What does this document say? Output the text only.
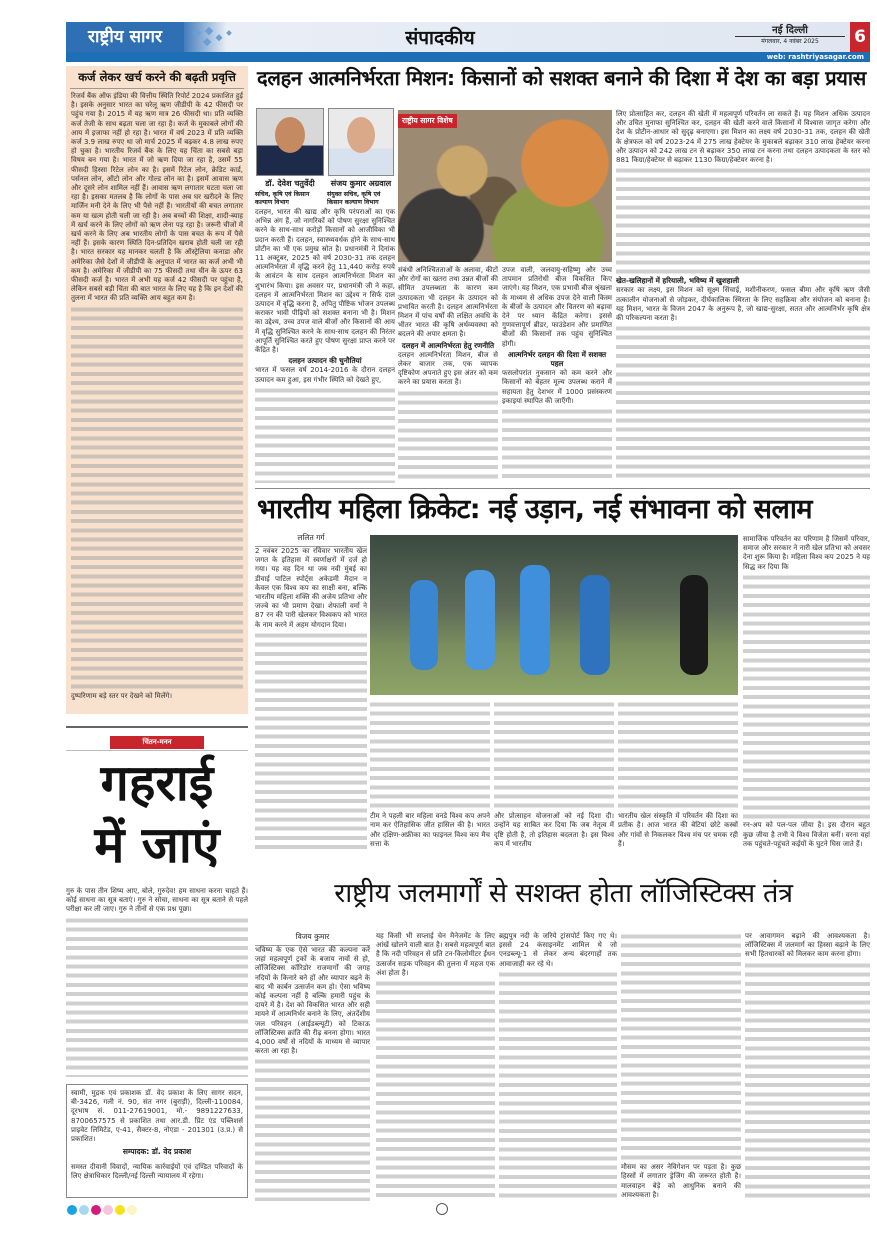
राष्ट्रीय सागर	संपादकीय	नई दिल्ली
मंगलवार, 4 नवंबर 2025	6
web: rashtriyasagar.com
कर्ज लेकर खर्च करने की बढ़ती प्रवृत्ति

रिजर्व बैंक ऑफ इंडिया की वित्तीय स्थिति रिपोर्ट 2024 प्रकाशित हुई है। इसके अनुसार भारत का घरेलू ऋण जीडीपी के 42 फीसदी पर पहुंच गया है। 2015 में यह ऋण मात्र 26 फीसदी था। प्रति व्यक्ति कर्ज तेजी के साथ बढ़ता चला जा रहा है। कर्ज के मुकाबले लोगों की आय में इजाफा नहीं हो रहा है। भारत में वर्ष 2023 में प्रति व्यक्ति कर्ज 3.9 लाख रुपए था जो मार्च 2025 में बढ़कर 4.8 लाख रुपए हो चुका है। भारतीय रिजर्व बैंक के लिए यह चिंता का सबसे बड़ा विषय बन गया है। भारत में जो ऋण दिया जा रहा है, उसमें 55 फीसदी हिस्सा रिटेल लोन का है। इसमें रिटेल लोन, क्रेडिट कार्ड, पर्सनल लोन, ऑटो लोन और गोल्ड लोन का है। इसमें आवास ऋण और दूसरे लोन शामिल नहीं हैं। आवास ऋण लगातार घटता चला जा रहा है। इसका मतलब है कि लोगों के पास अब घर खरीदने के लिए मार्जिन मनी देने के लिए भी पैसे नहीं हैं। भारतीयों की बचत लगातार कम या खत्म होती चली जा रही है। अब बच्चों की शिक्षा, शादी-ब्याह में खर्च करने के लिए लोगों को ऋण लेना पड़ रहा है। जरूरी चीजों में खर्च करने के लिए अब भारतीय लोगों के पास बचत के रूप में पैसे नहीं हैं। इसके कारण स्थिति दिन-प्रतिदिन खराब होती चली जा रही है। भारत सरकार यह मानकर चलती है कि ऑस्ट्रेलिया कनाडा और अमेरिका जैसे देशों में जीडीपी के अनुपात में भारत का कर्ज अभी भी कम है। अमेरिका में जीडीपी का 75 फीसदी तथा चीन के ऊपर 63 फीसदी कर्ज है। भारत में अभी यह कर्ज 42 फीसदी पर पहुंचा है, लेकिन सबसे बड़ी चिंता की बात भारत के लिए यह है कि इन देशों की तुलना में भारत की प्रति व्यक्ति आय बहुत कम है।

दुष्परिणाम बड़े स्तर पर देखने को मिलेंगे।

चिंतन-मनन
गहराई
में जाएं

गुरु के पास तीन शिष्य आए, बोले, गुरुदेव! हम साधना करना चाहते हैं। कोई साधना का सूत्र बताएं। गुरु ने सोचा, साधना का सूत्र बताने से पहले परीक्षा कर ली जाए। गुरु ने तीनों से एक प्रश्न पूछा।

स्वामी, मुद्रक एवं प्रकाशक डॉ. वेद प्रकाश के लिए सागर सदन, बी-3426, गली नं. 90, संत नगर (बुराड़ी), दिल्ली-110084, दूरभाष सं. 011-27619001, मो.- 9891227633, 8700657575 से प्रकाशित तथा आर.डी. प्रिंट एंड पब्लिशर्स प्राइवेट लिमिटेड, ए-41, सैक्टर-8, नोएडा - 201301 (उ.प्र.) से प्रकाशित।
सम्पादक: डॉ. वेद प्रकाश
समस्त दीवानी विवादों, न्यायिक कार्रवाईयों एवं दण्डित परिवादों के लिए क्षेत्राधिकार दिल्ली/नई दिल्ली न्यायालय में रहेगा।
दलहन आत्मनिर्भरता मिशन: किसानों को सशक्त बनाने की दिशा में देश का बड़ा प्रयास
डॉ. देवेश चतुर्वेदी	संजय कुमार अग्रवाल
सचिव, कृषि एवं किसान कल्याण विभाग
संयुक्त सचिव, कृषि एवं किसान कल्याण विभाग

दलहन, भारत की खाद्य और कृषि परंपराओं का एक अभिन्न अंग हैं, जो नागरिकों को पोषण सुरक्षा सुनिश्चित करने के साथ-साथ करोड़ों किसानों को आजीविका भी प्रदान करती हैं। दलहन, स्वास्थ्यवर्धक होने के साथ-साथ प्रोटीन का भी एक प्रमुख स्रोत है। प्रधानमंत्री ने दिनांक 11 अक्टूबर, 2025 को वर्ष 2030-31 तक दलहन आत्मनिर्भरता में वृद्धि करने हेतु 11,440 करोड़ रुपये के आवंटन के साथ दलहन आत्मनिर्भरता मिशन का शुभारंभ किया। इस अवसर पर, प्रधानमंत्री जी ने कहा, दलहन में आत्मनिर्भरता मिशन का उद्देश्य न सिर्फ दाल उत्पादन में वृद्धि करना है, अपितु पौष्टिक भोजन उपलब्ध कराकर भावी पीढ़ियों को सशक्त बनाना भी है। मिशन का उद्देश्य, उच्च उपज वाले बीजों और किसानों की आय में वृद्धि सुनिश्चित करने के साथ-साथ दलहन की निरंतर आपूर्ति सुनिश्चित करते हुए पोषण सुरक्षा प्राप्त करने पर केंद्रित है।

दलहन उत्पादन की चुनौतियां

भारत में फसल वर्ष 2014-2016 के दौरान दलहन उत्पादन कम हुआ, इस गंभीर स्थिति को देखते हुए,

राष्ट्रीय सागर विशेष

संबंधी अनिश्चितताओं के अलावा, कीटों और रोगों का खतरा तथा उन्नत बीजों की सीमित उपलब्धता के कारण कम उत्पादकता भी दलहन के उत्पादन को प्रभावित करती है। दलहन आत्मनिर्भरता मिशन में पांच वर्षों की लक्षित अवधि के भीतर भारत की कृषि अर्थव्यवस्था को बदलने की अपार क्षमता है।

दलहन में आत्मनिर्भरता हेतु रणनीति

दलहन आत्मनिर्भरता मिशन, बीज से लेकर बाजार तक, एक व्यापक दृष्टिकोण अपनाते हुए इस अंतर को कम करने का प्रयास करता है।

उपज वाली, जलवायु-सहिष्णु और उच्च तापमान प्रतिरोधी बीज विकसित किए जाएंगे। यह मिशन, एक प्रभावी बीज श्रृंखला के माध्यम से अधिक उपज देने वाली किस्म के बीजों के उत्पादन और वितरण को बढ़ावा देने पर ध्यान केंद्रित करेगा। इससे गुणवत्तापूर्ण ब्रीडर, फाउंडेशन और प्रमाणित बीजों की किसानों तक पहुंच सुनिश्चित होगी।

आत्मनिर्भर दलहन की दिशा में सशक्त पहल

फसलोपरांत नुकसान को कम करने और किसानों को बेहतर मूल्य उपलब्ध कराने में सहायता हेतु देशभर में 1000 प्रसंस्करण इकाइयां स्थापित की जाएँगी।

लिए प्रोत्साहित कर, दलहन की खेती में महत्वपूर्ण परिवर्तन ला सकते हैं। यह मिशन अधिक उत्पादन और उचित मुनाफा सुनिश्चित कर, दलहन की खेती करने वाले किसानों में विश्वास जागृत करेगा और देश के प्रोटीन-आधार को सुदृढ़ बनाएगा। इस मिशन का लक्ष्य वर्ष 2030-31 तक, दलहन की खेती के क्षेत्रफल को वर्ष 2023-24 में 275 लाख हेक्टेयर के मुकाबले बढ़ाकर 310 लाख हेक्टेयर करना और उत्पादन को 242 लाख टन से बढ़ाकर 350 लाख टन करना तथा दलहन उत्पादकता के स्तर को 881 किग्रा/हेक्टेयर से बढ़ाकर 1130 किग्रा/हेक्टेयर करना है।

खेत-खलिहानों में हरियाली, भविष्य में खुशहाली

सरकार का लक्ष्य, इस मिशन को सूक्ष्म सिंचाई, मशीनीकरण, फसल बीमा और कृषि ऋण जैसी तत्कालीन योजनाओं से जोड़कर, दीर्घकालिक स्थिरता के लिए सहक्रिया और संयोजन को बनाना है। यह मिशन, भारत के विजन 2047 के अनुरूप है, जो खाद्य-सुरक्षा, सतत और आत्मनिर्भर कृषि क्षेत्र की परिकल्पना करता है।

भारतीय महिला क्रिकेट: नई उड़ान, नई संभावना को सलाम
ललित गर्ग

2 नवंबर 2025 का रविवार भारतीय खेल जगत के इतिहास में स्वर्णाक्षरों में दर्ज हो गया। यह वह दिन था जब नवी मुंबई का डीवाई पाटिल स्पोर्ट्स अकेडमी मैदान न केवल एक विश्व कप का साक्षी बना, बल्कि भारतीय महिला शक्ति की अजेय प्रतिभा और जज्बे का भी प्रमाण देखा। शेफाली वर्मा ने 87 रन की पारी खेलकर विश्वकप को भारत के नाम करने में अहम योगदान दिया।

टीम ने पहली बार महिला वनडे विश्व कप अपने नाम कर ऐतिहासिक जीत हासिल की है। भारत और दक्षिण-अफ्रीका का फाइनल विश्व कप मैच सत्ता के

और प्रोत्साहन योजनाओं को नई दिशा दी। उन्होंने यह साबित कर दिया कि जब नेतृत्व में दृष्टि होती है, तो इतिहास बदलता है। इस विश्व कप में भारतीय

भारतीय खेल संस्कृति में परिवर्तन की दिशा का प्रतीक है। आज भारत की बेटियां छोटे कस्बों और गांवों से निकलकर विश्व मंच पर चमक रही हैं।

सामाजिक परिवर्तन का परिणाम है जिसमें परिवार, समाज और सरकार ने नारी खेल प्रतिभा को अवसर देना शुरू किया है। महिला विश्व कप 2025 ने यह सिद्ध कर दिया कि

रन-अप को पल-पल जीया है। इस दौरान बहुत कुछ जीया है तभी वे विश्व विजेता बनीं। वरना वहां तक पहुंचते-पहुंचते कईयों के घुटने घिस जाते हैं।

राष्ट्रीय जलमार्गों से सशक्त होता लॉजिस्टिक्स तंत्र
विजय कुमार

भविष्य के एक ऐसे भारत की कल्पना करें जहां महत्वपूर्ण ट्रकों के बजाय नावों से हो, लॉजिस्टिक्स कॉरिडोर राजमार्गों की जगह नदियों के किनारे बने हों और व्यापार बढ़ने के बाद भी कार्बन उत्सर्जन कम हो। ऐसा भविष्य कोई कल्पना नहीं है बल्कि हमारी पहुंच के दायरे में है। देश को विकसित भारत और सही मायने में आत्मनिर्भर बनाने के लिए, अंतर्देशीय जल परिवहन (आईडब्ल्यूटी) को टिकाऊ लॉजिस्टिक्स क्रांति की रीढ़ बनना होगा। भारत 4,000 वर्षों से नदियों के माध्यम से व्यापार करता आ रहा है।

यह किसी भी सप्लाई चेन मैनेजमेंट के लिए आंखें खोलने वाली बात है। सबसे महत्वपूर्ण बात है कि नदी परिवहन से प्रति टन-किलोमीटर ईंधन उत्सर्जन सड़क परिवहन की तुलना में महज एक अंश होता है।

ब्रह्मपुत्र नदी के जरिये ट्रांसपोर्ट किए गए थे। इससे 24 कंसाइनमेंट शामिल थे जो एनडब्ल्यू-1 से लेकर अन्य बंदरगाहों तक आवाजाही कर रहे थे।

मौसम का असर नेविगेशन पर पड़ता है। कुछ हिस्सों में लगातार ड्रेजिंग की जरूरत होती है। मालवाहन बेड़े को आधुनिक बनाने की आवश्यकता है।

पर आवागमन बढ़ाने की आवश्यकता है। लॉजिस्टिक्स में जलमार्ग का हिस्सा बढ़ाने के लिए सभी हितधारकों को मिलकर काम करना होगा।
